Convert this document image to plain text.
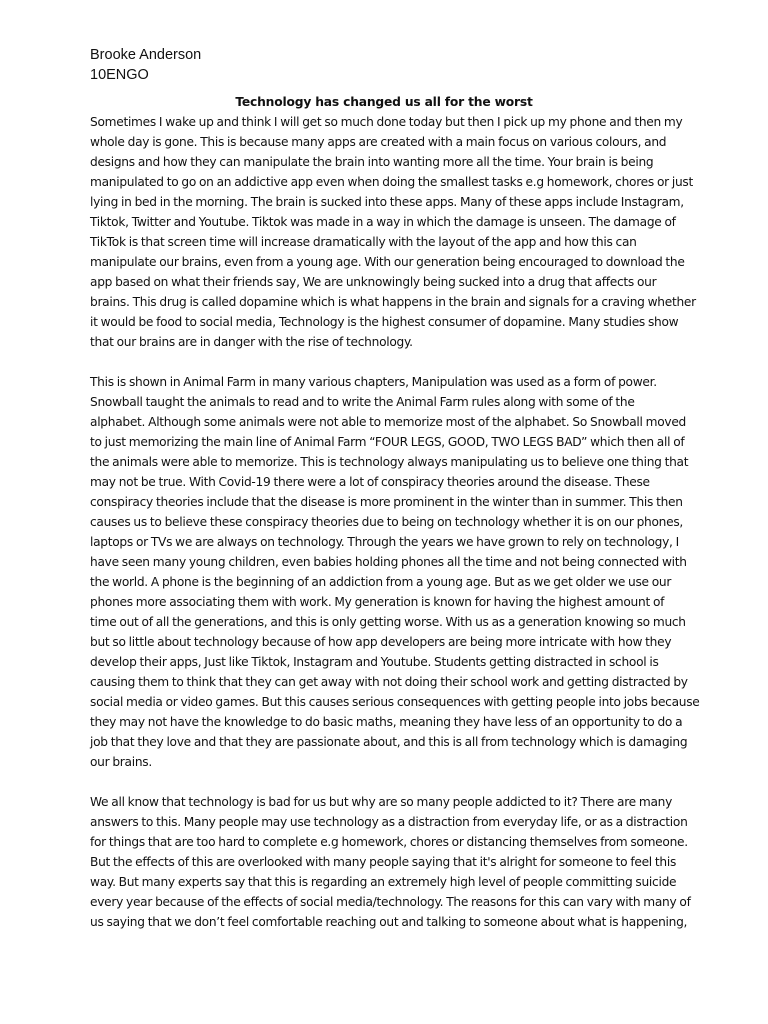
Brooke Anderson
10ENGO
Technology has changed us all for the worst
Sometimes I wake up and think I will get so much done today but then I pick up my phone and then my
whole day is gone. This is because many apps are created with a main focus on various colours, and
designs and how they can manipulate the brain into wanting more all the time. Your brain is being
manipulated to go on an addictive app even when doing the smallest tasks e.g homework, chores or just
lying in bed in the morning. The brain is sucked into these apps. Many of these apps include Instagram,
Tiktok, Twitter and Youtube. Tiktok was made in a way in which the damage is unseen. The damage of
TikTok is that screen time will increase dramatically with the layout of the app and how this can
manipulate our brains, even from a young age. With our generation being encouraged to download the
app based on what their friends say, We are unknowingly being sucked into a drug that affects our
brains. This drug is called dopamine which is what happens in the brain and signals for a craving whether
it would be food to social media, Technology is the highest consumer of dopamine. Many studies show
that our brains are in danger with the rise of technology.
This is shown in Animal Farm in many various chapters, Manipulation was used as a form of power.
Snowball taught the animals to read and to write the Animal Farm rules along with some of the
alphabet. Although some animals were not able to memorize most of the alphabet. So Snowball moved
to just memorizing the main line of Animal Farm “FOUR LEGS, GOOD, TWO LEGS BAD” which then all of
the animals were able to memorize. This is technology always manipulating us to believe one thing that
may not be true. With Covid-19 there were a lot of conspiracy theories around the disease. These
conspiracy theories include that the disease is more prominent in the winter than in summer. This then
causes us to believe these conspiracy theories due to being on technology whether it is on our phones,
laptops or TVs we are always on technology. Through the years we have grown to rely on technology, I
have seen many young children, even babies holding phones all the time and not being connected with
the world. A phone is the beginning of an addiction from a young age. But as we get older we use our
phones more associating them with work. My generation is known for having the highest amount of
time out of all the generations, and this is only getting worse. With us as a generation knowing so much
but so little about technology because of how app developers are being more intricate with how they
develop their apps, Just like Tiktok, Instagram and Youtube. Students getting distracted in school is
causing them to think that they can get away with not doing their school work and getting distracted by
social media or video games. But this causes serious consequences with getting people into jobs because
they may not have the knowledge to do basic maths, meaning they have less of an opportunity to do a
job that they love and that they are passionate about, and this is all from technology which is damaging
our brains.
We all know that technology is bad for us but why are so many people addicted to it? There are many
answers to this. Many people may use technology as a distraction from everyday life, or as a distraction
for things that are too hard to complete e.g homework, chores or distancing themselves from someone.
But the effects of this are overlooked with many people saying that it's alright for someone to feel this
way. But many experts say that this is regarding an extremely high level of people committing suicide
every year because of the effects of social media/technology. The reasons for this can vary with many of
us saying that we don’t feel comfortable reaching out and talking to someone about what is happening,
